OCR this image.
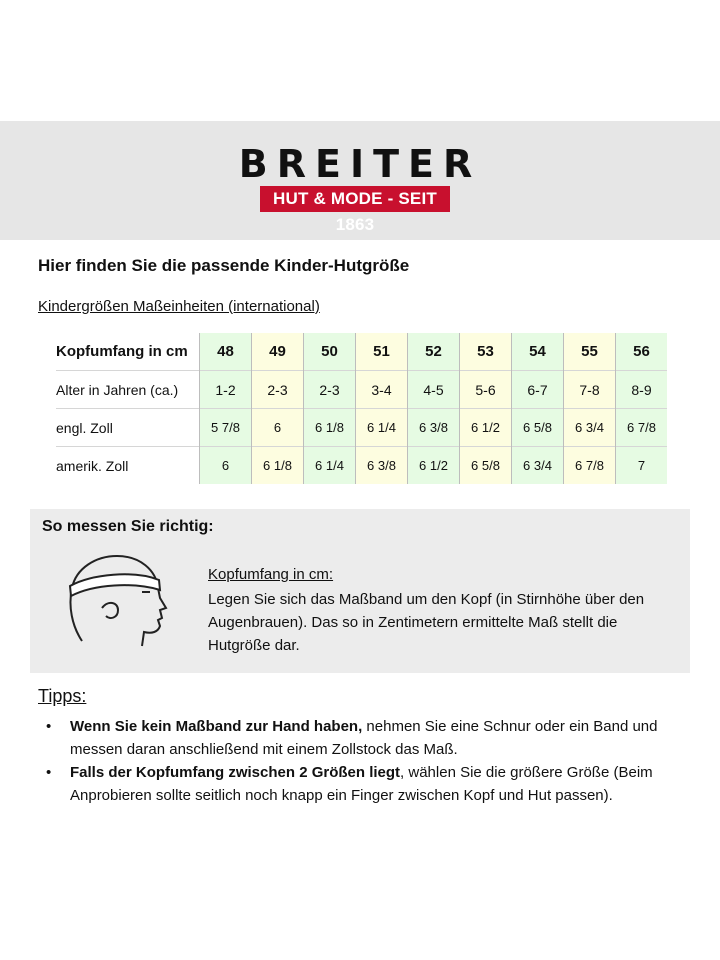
BREITER
HUT & MODE - SEIT 1863
Hier finden Sie die passende Kinder-Hutgröße
Kindergrößen Maßeinheiten (international)
Kopfumfang in cm	48	49	50	51	52	53	54	55	56
Alter in Jahren (ca.)	1-2	2-3	2-3	3-4	4-5	5-6	6-7	7-8	8-9
engl. Zoll	5 7/8	6	6 1/8	6 1/4	6 3/8	6 1/2	6 5/8	6 3/4	6 7/8
amerik. Zoll	6	6 1/8	6 1/4	6 3/8	6 1/2	6 5/8	6 3/4	6 7/8	7
So messen Sie richtig:
Kopfumfang in cm:
Legen Sie sich das Maßband um den Kopf (in Stirnhöhe über den Augenbrauen). Das so in Zentimetern ermittelte Maß stellt die Hutgröße dar.
Tipps:
• Wenn Sie kein Maßband zur Hand haben, nehmen Sie eine Schnur oder ein Band und messen daran anschließend mit einem Zollstock das Maß.
• Falls der Kopfumfang zwischen 2 Größen liegt, wählen Sie die größere Größe (Beim Anprobieren sollte seitlich noch knapp ein Finger zwischen Kopf und Hut passen).
